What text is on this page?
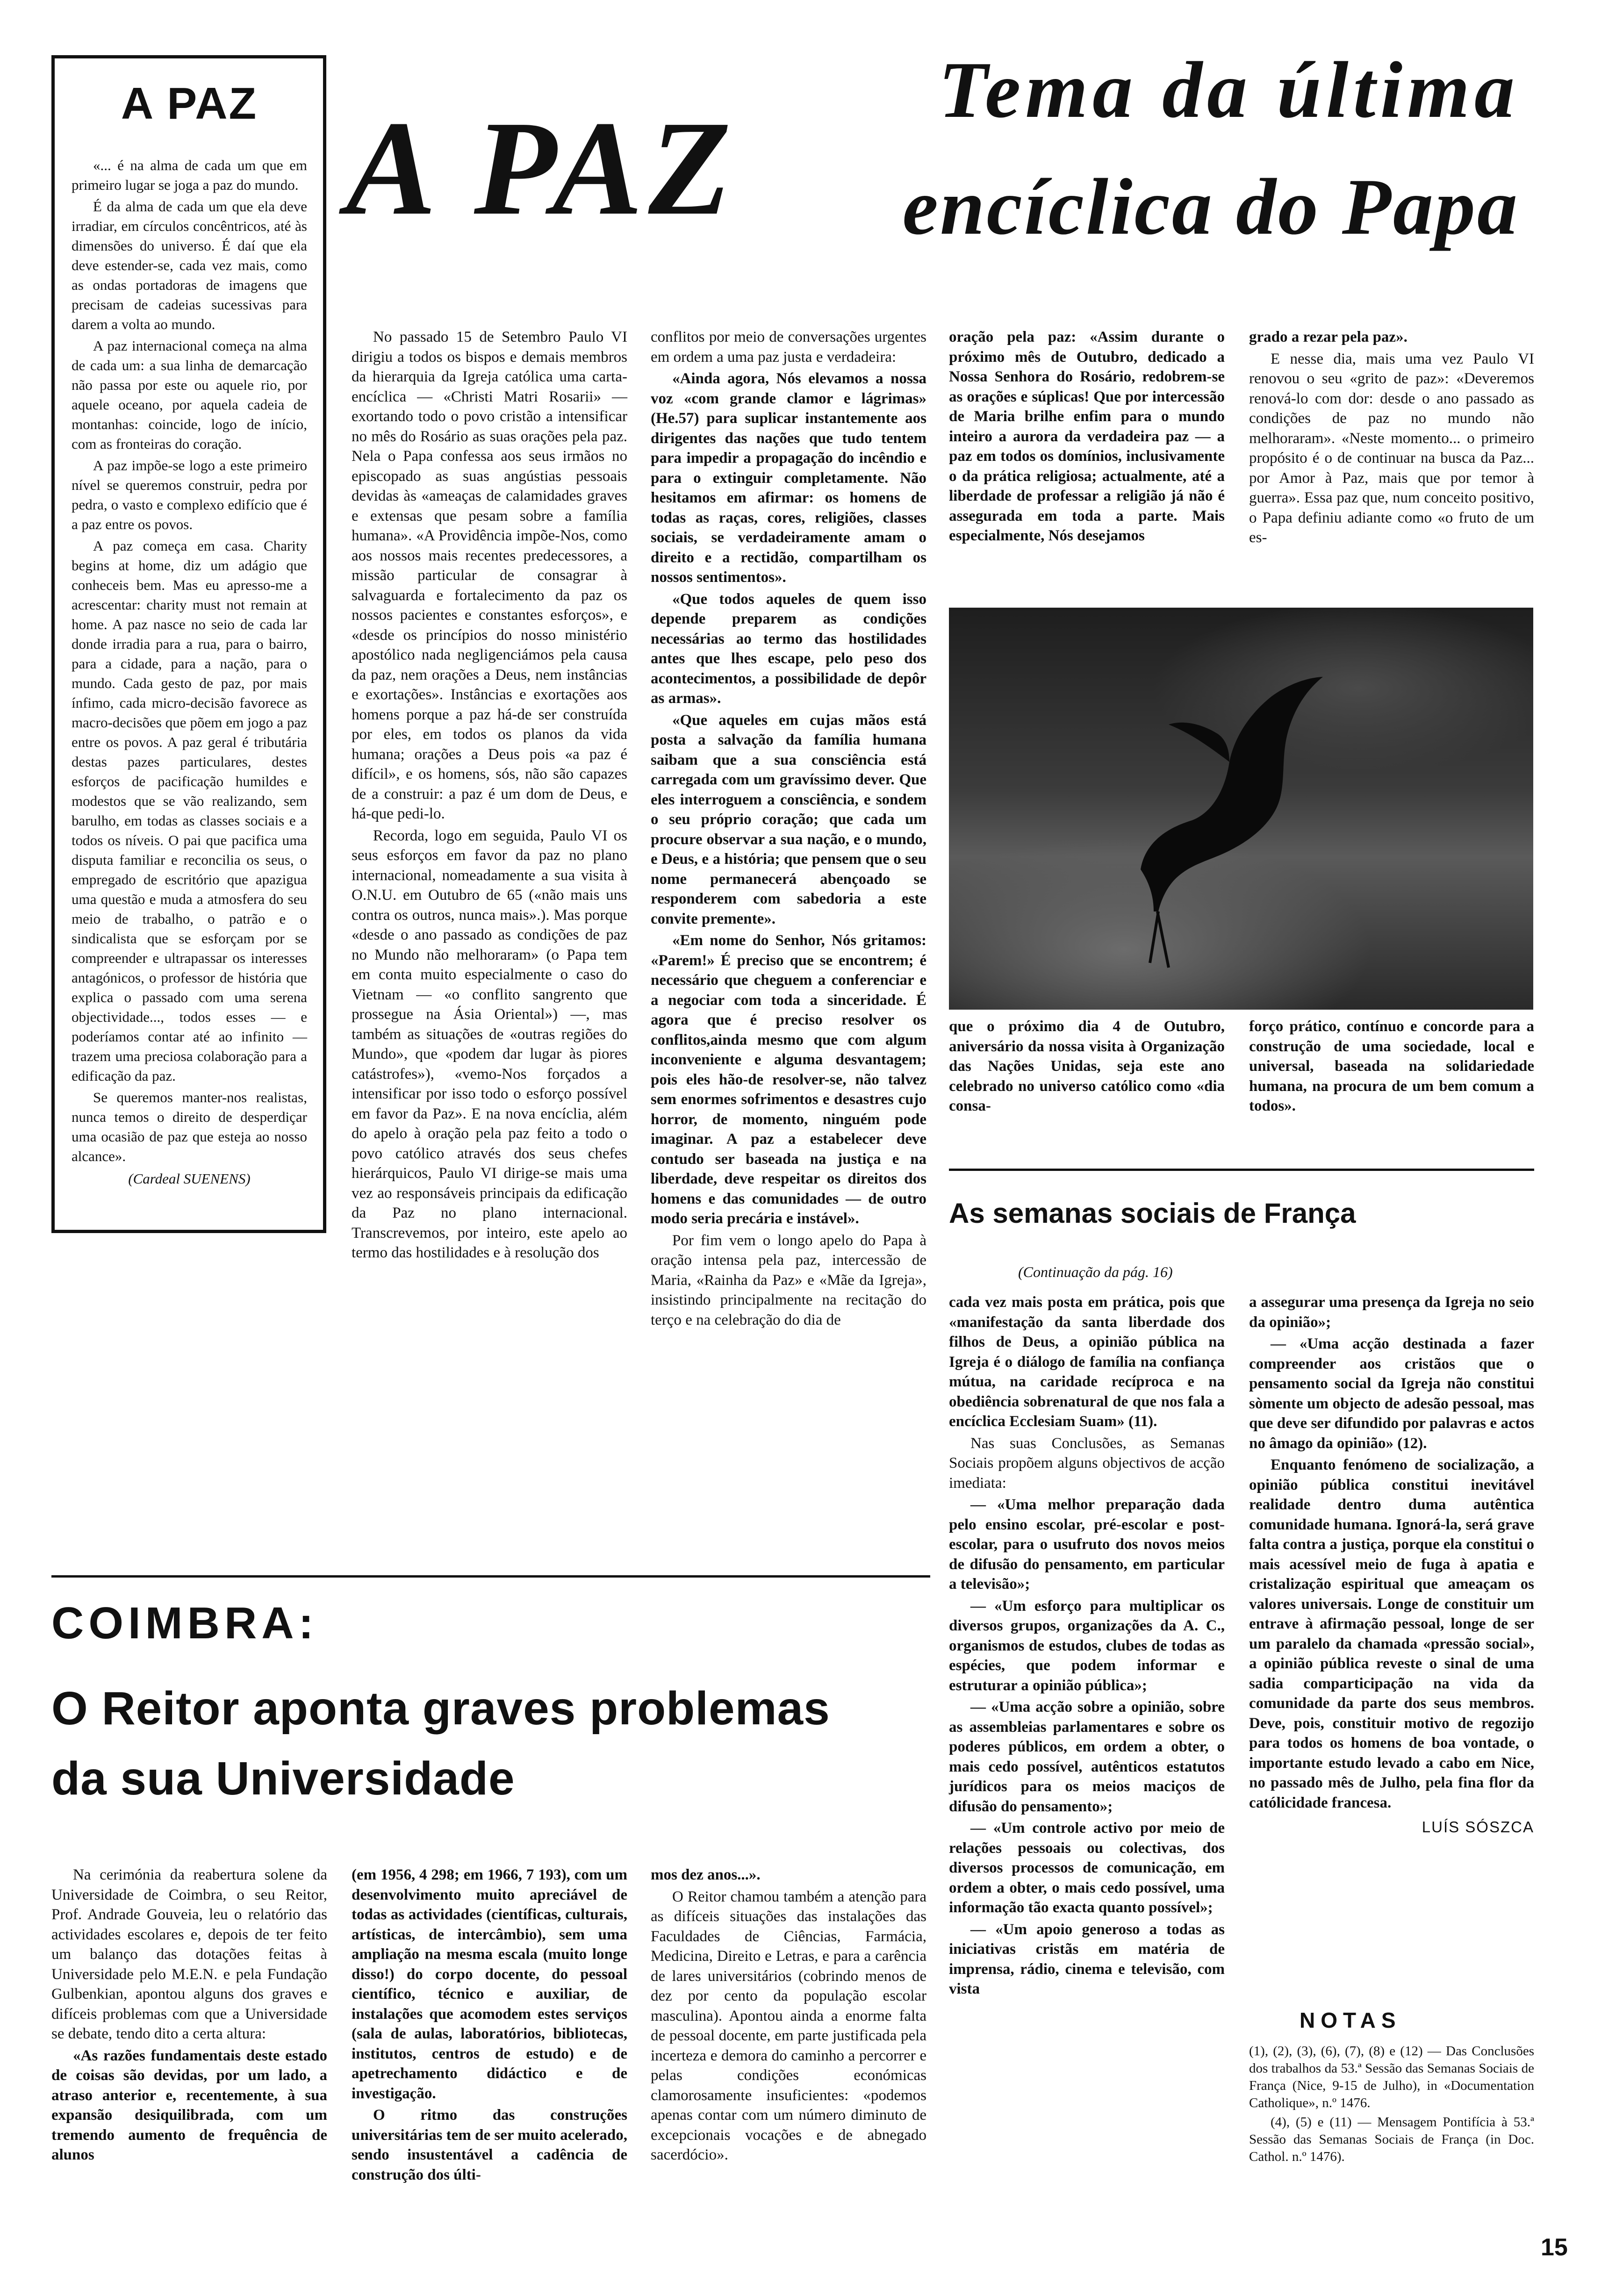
A PAZ

«... é na alma de cada um que em primeiro lugar se joga a paz do mundo.

É da alma de cada um que ela deve irradiar, em círculos concêntricos, até às dimensões do universo. É daí que ela deve estender-se, cada vez mais, como as ondas portadoras de imagens que precisam de cadeias sucessivas para darem a volta ao mundo.

A paz internacional começa na alma de cada um: a sua linha de demarcação não passa por este ou aquele rio, por aquele oceano, por aquela cadeia de montanhas: coincide, logo de início, com as fronteiras do coração.

A paz impõe-se logo a este primeiro nível se queremos construir, pedra por pedra, o vasto e complexo edifício que é a paz entre os povos.

A paz começa em casa. Charity begins at home, diz um adágio que conheceis bem. Mas eu apresso-me a acrescentar: charity must not remain at home. A paz nasce no seio de cada lar donde irradia para a rua, para o bairro, para a cidade, para a nação, para o mundo. Cada gesto de paz, por mais ínfimo, cada micro-decisão favorece as macro-decisões que põem em jogo a paz entre os povos. A paz geral é tributária destas pazes particulares, destes esforços de pacificação humildes e modestos que se vão realizando, sem barulho, em todas as classes sociais e a todos os níveis. O pai que pacifica uma disputa familiar e reconcilia os seus, o empregado de escritório que apazigua uma questão e muda a atmosfera do seu meio de trabalho, o patrão e o sindicalista que se esforçam por se compreender e ultrapassar os interesses antagónicos, o professor de história que explica o passado com uma serena objectividade..., todos esses — e poderíamos contar até ao infinito — trazem uma preciosa colaboração para a edificação da paz.

Se queremos manter-nos realistas, nunca temos o direito de desperdiçar uma ocasião de paz que esteja ao nosso alcance».

(Cardeal SUENENS)
A PAZ
Tema da última
encíclica do Papa

No passado 15 de Setembro Paulo VI dirigiu a todos os bispos e demais membros da hierarquia da Igreja católica uma carta-encíclica — «Christi Matri Rosarii» — exortando todo o povo cristão a intensificar no mês do Rosário as suas orações pela paz. Nela o Papa confessa aos seus irmãos no episcopado as suas angústias pessoais devidas às «ameaças de calamidades graves e extensas que pesam sobre a família humana». «A Providência impõe-Nos, como aos nossos mais recentes predecessores, a missão particular de consagrar à salvaguarda e fortalecimento da paz os nossos pacientes e constantes esforços», e «desde os princípios do nosso ministério apostólico nada negligenciámos pela causa da paz, nem orações a Deus, nem instâncias e exortações». Instâncias e exortações aos homens porque a paz há-de ser construída por eles, em todos os planos da vida humana; orações a Deus pois «a paz é difícil», e os homens, sós, não são capazes de a construir: a paz é um dom de Deus, e há-que pedi-lo.

Recorda, logo em seguida, Paulo VI os seus esforços em favor da paz no plano internacional, nomeadamente a sua visita à O.N.U. em Outubro de 65 («não mais uns contra os outros, nunca mais».). Mas porque «desde o ano passado as condições de paz no Mundo não melhoraram» (o Papa tem em conta muito especialmente o caso do Vietnam — «o conflito sangrento que prossegue na Ásia Oriental») —, mas também as situações de «outras regiões do Mundo», que «podem dar lugar às piores catástrofes»), «vemo-Nos forçados a intensificar por isso todo o esforço possível em favor da Paz». E na nova encíclia, além do apelo à oração pela paz feito a todo o povo católico através dos seus chefes hierárquicos, Paulo VI dirige-se mais uma vez ao responsáveis principais da edificação da Paz no plano internacional. Transcrevemos, por inteiro, este apelo ao termo das hostilidades e à resolução dos

conflitos por meio de conversações urgentes em ordem a uma paz justa e verdadeira:

«Ainda agora, Nós elevamos a nossa voz «com grande clamor e lágrimas» (He.57) para suplicar instantemente aos dirigentes das nações que tudo tentem para impedir a propagação do incêndio e para o extinguir completamente. Não hesitamos em afirmar: os homens de todas as raças, cores, religiões, classes sociais, se verdadeiramente amam o direito e a rectidão, compartilham os nossos sentimentos».

«Que todos aqueles de quem isso depende preparem as condições necessárias ao termo das hostilidades antes que lhes escape, pelo peso dos acontecimentos, a possibilidade de depôr as armas».

«Que aqueles em cujas mãos está posta a salvação da família humana saibam que a sua consciência está carregada com um gravíssimo dever. Que eles interroguem a consciência, e sondem o seu próprio coração; que cada um procure observar a sua nação, e o mundo, e Deus, e a história; que pensem que o seu nome permanecerá abençoado se responderem com sabedoria a este convite premente».

«Em nome do Senhor, Nós gritamos: «Parem!» É preciso que se encontrem; é necessário que cheguem a conferenciar e a negociar com toda a sinceridade. É agora que é preciso resolver os conflitos,ainda mesmo que com algum inconveniente e alguma desvantagem; pois eles hão-de resolver-se, não talvez sem enormes sofrimentos e desastres cujo horror, de momento, ninguém pode imaginar. A paz a estabelecer deve contudo ser baseada na justiça e na liberdade, deve respeitar os direitos dos homens e das comunidades — de outro modo seria precária e instável».

Por fim vem o longo apelo do Papa à oração intensa pela paz, intercessão de Maria, «Rainha da Paz» e «Mãe da Igreja», insistindo principalmente na recitação do terço e na celebração do dia de

oração pela paz: «Assim durante o próximo mês de Outubro, dedicado a Nossa Senhora do Rosário, redobrem-se as orações e súplicas! Que por intercessão de Maria brilhe enfim para o mundo inteiro a aurora da verdadeira paz — a paz em todos os domínios, inclusivamente o da prática religiosa; actualmente, até a liberdade de professar a religião já não é assegurada em toda a parte. Mais especialmente, Nós desejamos

grado a rezar pela paz».

E nesse dia, mais uma vez Paulo VI renovou o seu «grito de paz»: «Deveremos renová-lo com dor: desde o ano passado as condições de paz no mundo não melhoraram». «Neste momento... o primeiro propósito é o de continuar na busca da Paz... por Amor à Paz, mais que por temor à guerra». Essa paz que, num conceito positivo, o Papa definiu adiante como «o fruto de um es-

que o próximo dia 4 de Outubro, aniversário da nossa visita à Organização das Nações Unidas, seja este ano celebrado no universo católico como «dia consa-

forço prático, contínuo e concorde para a construção de uma sociedade, local e universal, baseada na solidariedade humana, na procura de um bem comum a todos».

As semanas sociais de França
(Continuação da pág. 16)

cada vez mais posta em prática, pois que «manifestação da santa liberdade dos filhos de Deus, a opinião pública na Igreja é o diálogo de família na confiança mútua, na caridade recíproca e na obediência sobrenatural de que nos fala a encíclica Ecclesiam Suam» (11).

Nas suas Conclusões, as Semanas Sociais propõem alguns objectivos de acção imediata:

— «Uma melhor preparação dada pelo ensino escolar, pré-escolar e post-escolar, para o usufruto dos novos meios de difusão do pensamento, em particular a televisão»;

— «Um esforço para multiplicar os diversos grupos, organizações da A. C., organismos de estudos, clubes de todas as espécies, que podem informar e estruturar a opinião pública»;

— «Uma acção sobre a opinião, sobre as assembleias parlamentares e sobre os poderes públicos, em ordem a obter, o mais cedo possível, autênticos estatutos jurídicos para os meios maciços de difusão do pensamento»;

— «Um controle activo por meio de relações pessoais ou colectivas, dos diversos processos de comunicação, em ordem a obter, o mais cedo possível, uma informação tão exacta quanto possível»;

— «Um apoio generoso a todas as iniciativas cristãs em matéria de imprensa, rádio, cinema e televisão, com vista

a assegurar uma presença da Igreja no seio da opinião»;

— «Uma acção destinada a fazer compreender aos cristãos que o pensamento social da Igreja não constitui sòmente um objecto de adesão pessoal, mas que deve ser difundido por palavras e actos no âmago da opinião» (12).

Enquanto fenómeno de socialização, a opinião pública constitui inevitável realidade dentro duma autêntica comunidade humana. Ignorá-la, será grave falta contra a justiça, porque ela constitui o mais acessível meio de fuga à apatia e cristalização espiritual que ameaçam os valores universais. Longe de constituir um entrave à afirmação pessoal, longe de ser um paralelo da chamada «pressão social», a opinião pública reveste o sinal de uma sadia comparticipação na vida da comunidade da parte dos seus membros. Deve, pois, constituir motivo de regozijo para todos os homens de boa vontade, o importante estudo levado a cabo em Nice, no passado mês de Julho, pela fina flor da católicidade francesa.

LUÍS SÓSZCA
NOTAS

(1), (2), (3), (6), (7), (8) e (12) — Das Conclusões dos trabalhos da 53.ª Sessão das Semanas Sociais de França (Nice, 9-15 de Julho), in «Documentation Catholique», n.º 1476.

(4), (5) e (11) — Mensagem Pontifícia à 53.ª Sessão das Semanas Sociais de França (in Doc. Cathol. n.º 1476).

COIMBRA:
O Reitor aponta graves problemas
da sua Universidade

Na cerimónia da reabertura solene da Universidade de Coimbra, o seu Reitor, Prof. Andrade Gouveia, leu o relatório das actividades escolares e, depois de ter feito um balanço das dotações feitas à Universidade pelo M.E.N. e pela Fundação Gulbenkian, apontou alguns dos graves e difíceis problemas com que a Universidade se debate, tendo dito a certa altura:

«As razões fundamentais deste estado de coisas são devidas, por um lado, a atraso anterior e, recentemente, à sua expansão desiquilibrada, com um tremendo aumento de frequência de alunos

(em 1956, 4 298; em 1966, 7 193), com um desenvolvimento muito apreciável de todas as actividades (científicas, culturais, artísticas, de intercâmbio), sem uma ampliação na mesma escala (muito longe disso!) do corpo docente, do pessoal científico, técnico e auxiliar, de instalações que acomodem estes serviços (sala de aulas, laboratórios, bibliotecas, institutos, centros de estudo) e de apetrechamento didáctico e de investigação.

O ritmo das construções universitárias tem de ser muito acelerado, sendo insustentável a cadência de construção dos últi-

mos dez anos...».

O Reitor chamou também a atenção para as difíceis situações das instalações das Faculdades de Ciências, Farmácia, Medicina, Direito e Letras, e para a carência de lares universitários (cobrindo menos de dez por cento da população escolar masculina). Apontou ainda a enorme falta de pessoal docente, em parte justificada pela incerteza e demora do caminho a percorrer e pelas condições económicas clamorosamente insuficientes: «podemos apenas contar com um número diminuto de excepcionais vocações e de abnegado sacerdócio».

15
